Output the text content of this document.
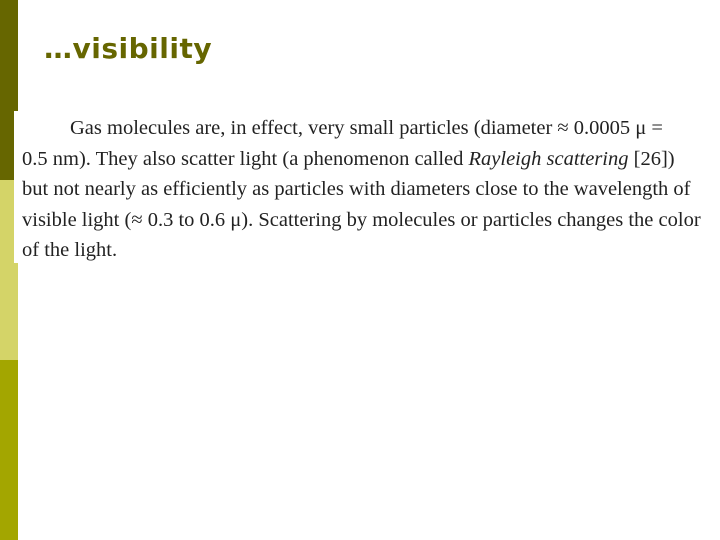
…visibility

Gas molecules are, in effect, very small particles (diameter ≈ 0.0005 μ =
0.5 nm). They also scatter light (a phenomenon called Rayleigh scattering [26])
but not nearly as efficiently as particles with diameters close to the wavelength of
visible light (≈ 0.3 to 0.6 μ). Scattering by molecules or particles changes the color
of the light.
